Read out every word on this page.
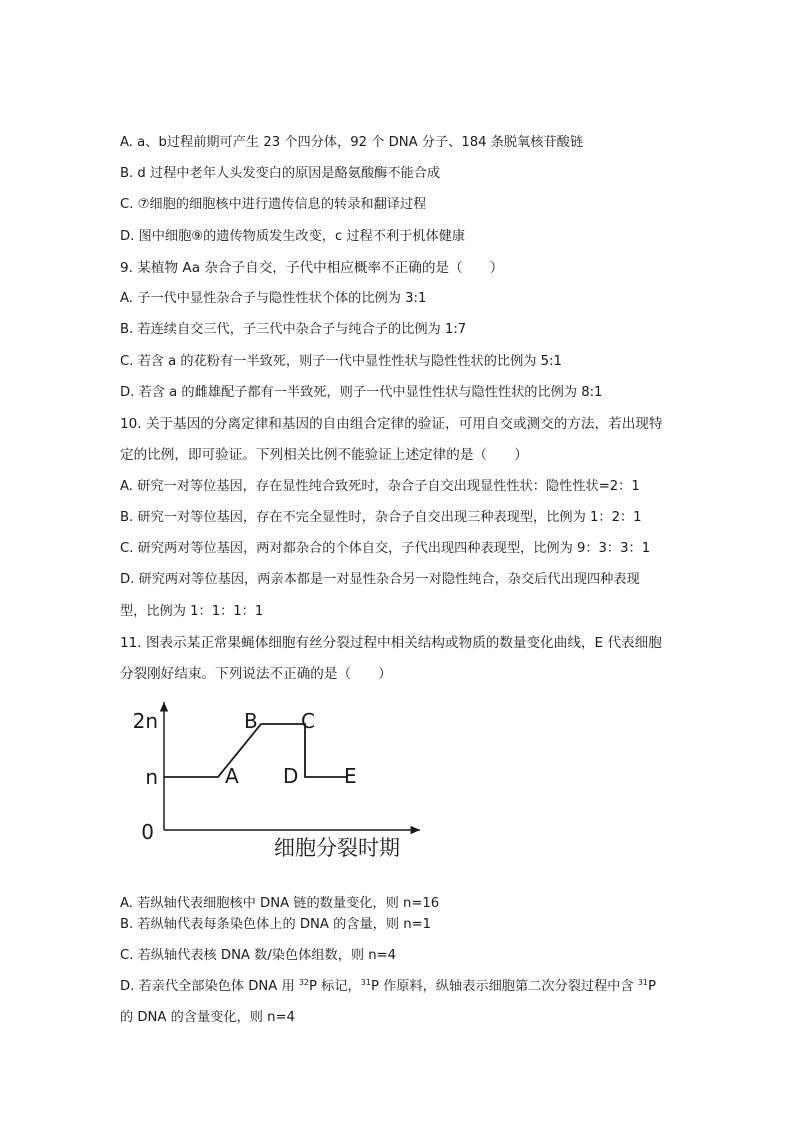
A. a、b过程前期可产生 23 个四分体，92 个 DNA 分子、184 条脱氧核苷酸链
B. d 过程中老年人头发变白的原因是酪氨酸酶不能合成
C. ⑦细胞的细胞核中进行遗传信息的转录和翻译过程
D. 图中细胞⑨的遗传物质发生改变，c 过程不利于机体健康
9. 某植物 Aa 杂合子自交，子代中相应概率不正确的是（　　）
A. 子一代中显性杂合子与隐性性状个体的比例为 3:1
B. 若连续自交三代，子三代中杂合子与纯合子的比例为 1:7
C. 若含 a 的花粉有一半致死，则子一代中显性性状与隐性性状的比例为 5:1
D. 若含 a 的雌雄配子都有一半致死，则子一代中显性性状与隐性性状的比例为 8:1
10. 关于基因的分离定律和基因的自由组合定律的验证，可用自交或测交的方法，若出现特
定的比例，即可验证。下列相关比例不能验证上述定律的是（　　）
A. 研究一对等位基因，存在显性纯合致死时，杂合子自交出现显性性状：隐性性状=2：1
B. 研究一对等位基因，存在不完全显性时，杂合子自交出现三种表现型，比例为 1：2：1
C. 研究两对等位基因，两对都杂合的个体自交，子代出现四种表现型，比例为 9：3：3：1
D. 研究两对等位基因，两亲本都是一对显性杂合另一对隐性纯合，杂交后代出现四种表现
型，比例为 1：1：1：1
11. 图表示某正常果蝇体细胞有丝分裂过程中相关结构或物质的数量变化曲线，E 代表细胞
分裂刚好结束。下列说法不正确的是（　　）
0
n
2n
A
B C
D E
细胞分裂时期
A. 若纵轴代表细胞核中 DNA 链的数量变化，则 n=16
B. 若纵轴代表每条染色体上的 DNA 的含量，则 n=1
C. 若纵轴代表核 DNA 数/染色体组数，则 n=4
D. 若亲代全部染色体 DNA 用 $^{32}$P 标记，$^{31}$P 作原料，纵轴表示细胞第二次分裂过程中含 $^{31}$P
的 DNA 的含量变化，则 n=4
